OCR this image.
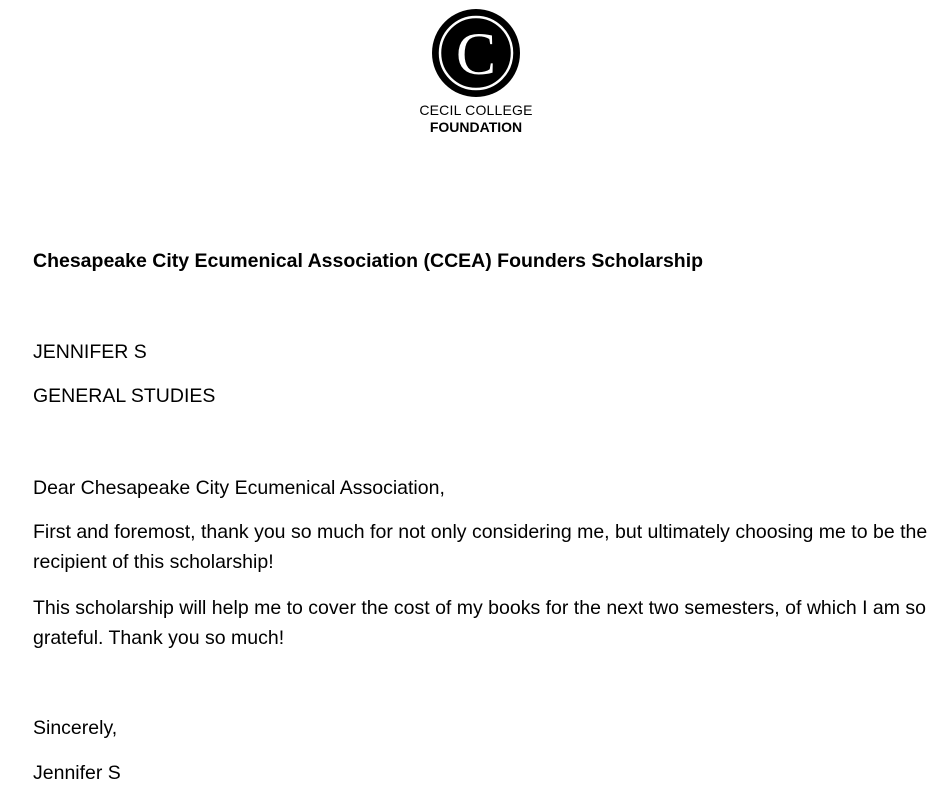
C
CECIL COLLEGE
FOUNDATION

Chesapeake City Ecumenical Association (CCEA) Founders Scholarship

JENNIFER S

GENERAL STUDIES

Dear Chesapeake City Ecumenical Association,

First and foremost, thank you so much for not only considering me, but ultimately choosing me to be the recipient of this scholarship!

This scholarship will help me to cover the cost of my books for the next two semesters, of which I am so grateful. Thank you so much!

Sincerely,

Jennifer S
